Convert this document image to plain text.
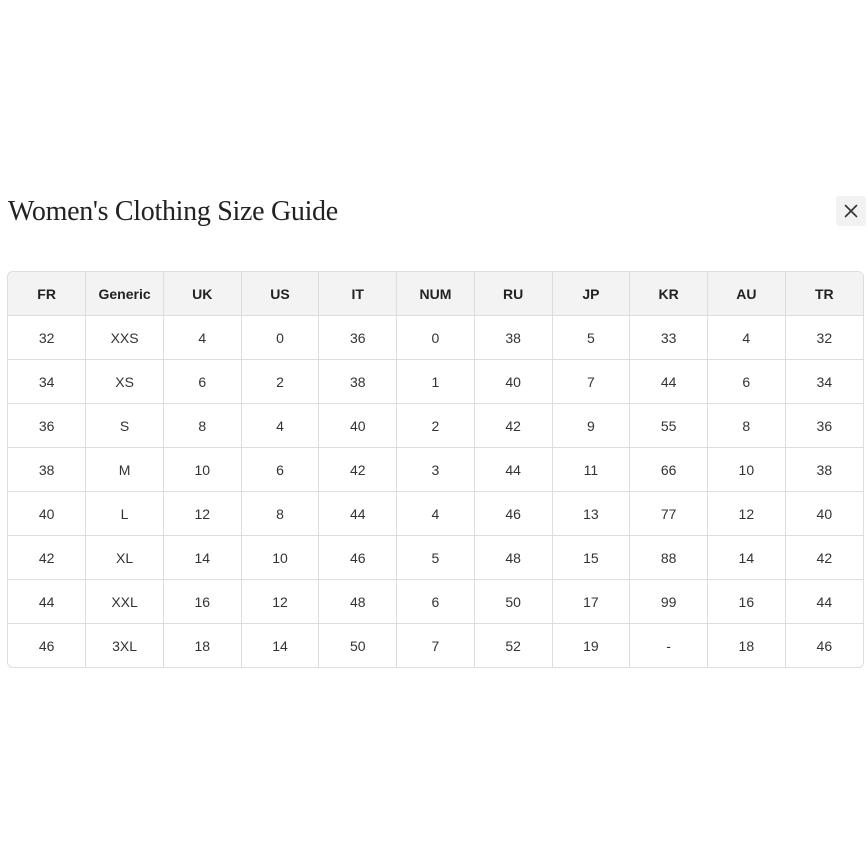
Women's Clothing Size Guide
FR	Generic	UK	US	IT	NUM	RU	JP	KR	AU	TR
32	XXS	4	0	36	0	38	5	33	4	32
34	XS	6	2	38	1	40	7	44	6	34
36	S	8	4	40	2	42	9	55	8	36
38	M	10	6	42	3	44	11	66	10	38
40	L	12	8	44	4	46	13	77	12	40
42	XL	14	10	46	5	48	15	88	14	42
44	XXL	16	12	48	6	50	17	99	16	44
46	3XL	18	14	50	7	52	19	-	18	46
